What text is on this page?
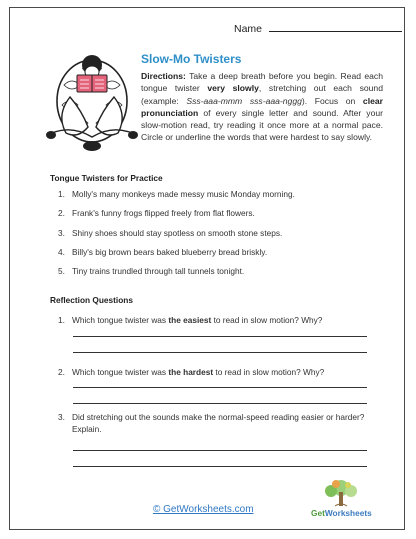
Name
Slow-Mo Twisters
Directions: Take a deep breath before you begin. Read each tongue twister very slowly, stretching out each sound (example: Sss-aaa-mmm sss-aaa-nggg). Focus on clear pronunciation of every single letter and sound. After your slow-motion read, try reading it once more at a normal pace. Circle or underline the words that were hardest to say slowly.
Tongue Twisters for Practice
1. Molly's many monkeys made messy music Monday morning.
2. Frank's funny frogs flipped freely from flat flowers.
3. Shiny shoes should stay spotless on smooth stone steps.
4. Billy's big brown bears baked blueberry bread briskly.
5. Tiny trains trundled through tall tunnels tonight.
Reflection Questions
1. Which tongue twister was the easiest to read in slow motion? Why?
2. Which tongue twister was the hardest to read in slow motion? Why?
3. Did stretching out the sounds make the normal-speed reading easier or harder? Explain.
© GetWorksheets.com	GetWorksheets
